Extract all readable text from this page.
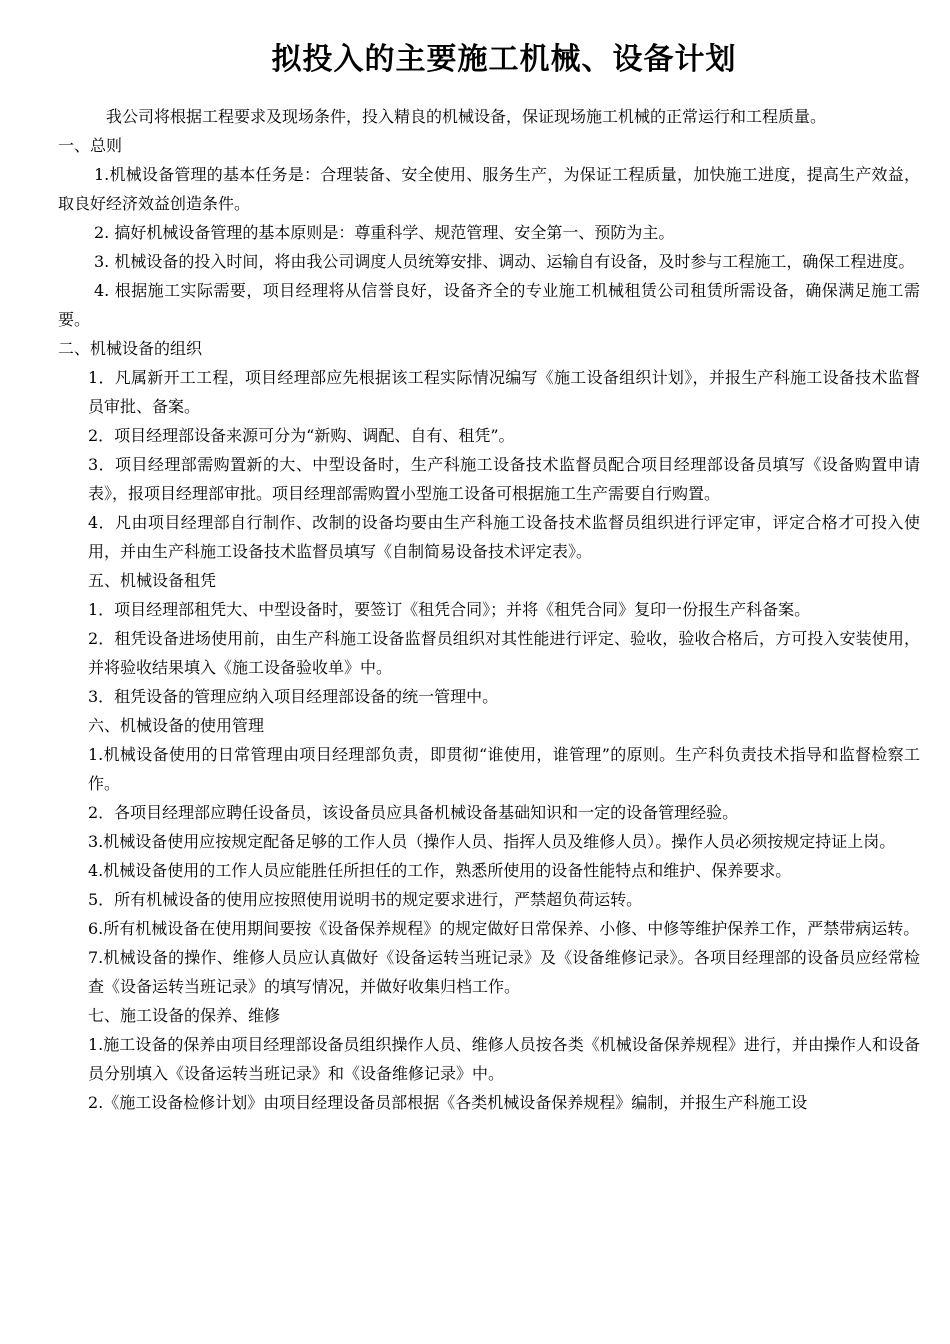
拟投入的主要施工机械、设备计划

我公司将根据工程要求及现场条件，投入精良的机械设备，保证现场施工机械的正常运行和工程质量。

一、总则

1.机械设备管理的基本任务是：合理装备、安全使用、服务生产，为保证工程质量，加快施工进度，提高生产效益，取良好经济效益创造条件。

2. 搞好机械设备管理的基本原则是：尊重科学、规范管理、安全第一、预防为主。

3. 机械设备的投入时间，将由我公司调度人员统筹安排、调动、运输自有设备，及时参与工程施工，确保工程进度。

4. 根据施工实际需要，项目经理将从信誉良好，设备齐全的专业施工机械租赁公司租赁所需设备，确保满足施工需要。

二、机械设备的组织

1．凡属新开工工程，项目经理部应先根据该工程实际情况编写《施工设备组织计划》，并报生产科施工设备技术监督员审批、备案。

2．项目经理部设备来源可分为“新购、调配、自有、租凭”。

3．项目经理部需购置新的大、中型设备时，生产科施工设备技术监督员配合项目经理部设备员填写《设备购置申请表》，报项目经理部审批。项目经理部需购置小型施工设备可根据施工生产需要自行购置。

4．凡由项目经理部自行制作、改制的设备均要由生产科施工设备技术监督员组织进行评定审，评定合格才可投入使用，并由生产科施工设备技术监督员填写《自制简易设备技术评定表》。

五、机械设备租凭

1．项目经理部租凭大、中型设备时，要签订《租凭合同》；并将《租凭合同》复印一份报生产科备案。

2．租凭设备进场使用前，由生产科施工设备监督员组织对其性能进行评定、验收，验收合格后，方可投入安装使用，并将验收结果填入《施工设备验收单》中。

3．租凭设备的管理应纳入项目经理部设备的统一管理中。

六、机械设备的使用管理

1.机械设备使用的日常管理由项目经理部负责，即贯彻“谁使用，谁管理”的原则。生产科负责技术指导和监督检察工作。

2．各项目经理部应聘任设备员，该设备员应具备机械设备基础知识和一定的设备管理经验。

3.机械设备使用应按规定配备足够的工作人员（操作人员、指挥人员及维修人员）。操作人员必须按规定持证上岗。

4.机械设备使用的工作人员应能胜任所担任的工作，熟悉所使用的设备性能特点和维护、保养要求。

5．所有机械设备的使用应按照使用说明书的规定要求进行，严禁超负荷运转。

6.所有机械设备在使用期间要按《设备保养规程》的规定做好日常保养、小修、中修等维护保养工作，严禁带病运转。

7.机械设备的操作、维修人员应认真做好《设备运转当班记录》及《设备维修记录》。各项目经理部的设备员应经常检查《设备运转当班记录》的填写情况，并做好收集归档工作。

七、施工设备的保养、维修

1.施工设备的保养由项目经理部设备员组织操作人员、维修人员按各类《机械设备保养规程》进行，并由操作人和设备员分别填入《设备运转当班记录》和《设备维修记录》中。

2.《施工设备检修计划》由项目经理设备员部根据《各类机械设备保养规程》编制，并报生产科施工设
